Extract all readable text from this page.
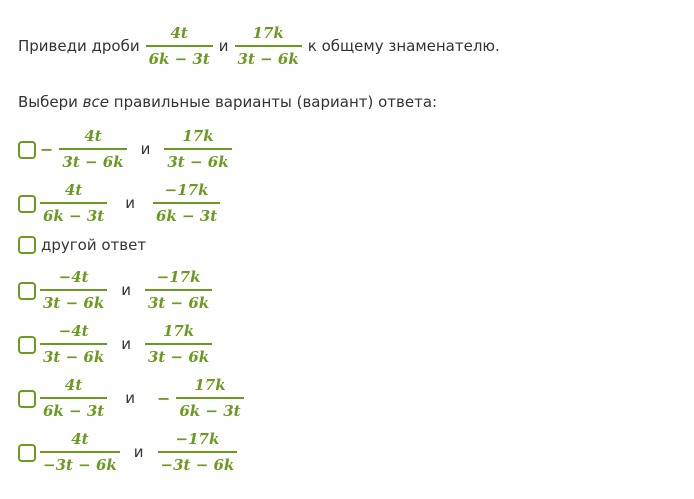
Приведи дроби $\frac{4t}{6k - 3t}$ и $\frac{17k}{3t - 6k}$ к общему знаменателю.
Выбери все правильные варианты (вариант) ответа:
− $\frac{4t}{3t - 6k}$ и $\frac{17k}{3t - 6k}$
$\frac{4t}{6k - 3t}$ и $\frac{-17k}{6k - 3t}$
другой ответ
$\frac{-4t}{3t - 6k}$ и $\frac{-17k}{3t - 6k}$
$\frac{-4t}{3t - 6k}$ и $\frac{17k}{3t - 6k}$
$\frac{4t}{6k - 3t}$ $и - \frac{17k}{6k - 3t}$
$\frac{4t}{-3t - 6k}$ и $\frac{-17k}{-3t - 6k}$
